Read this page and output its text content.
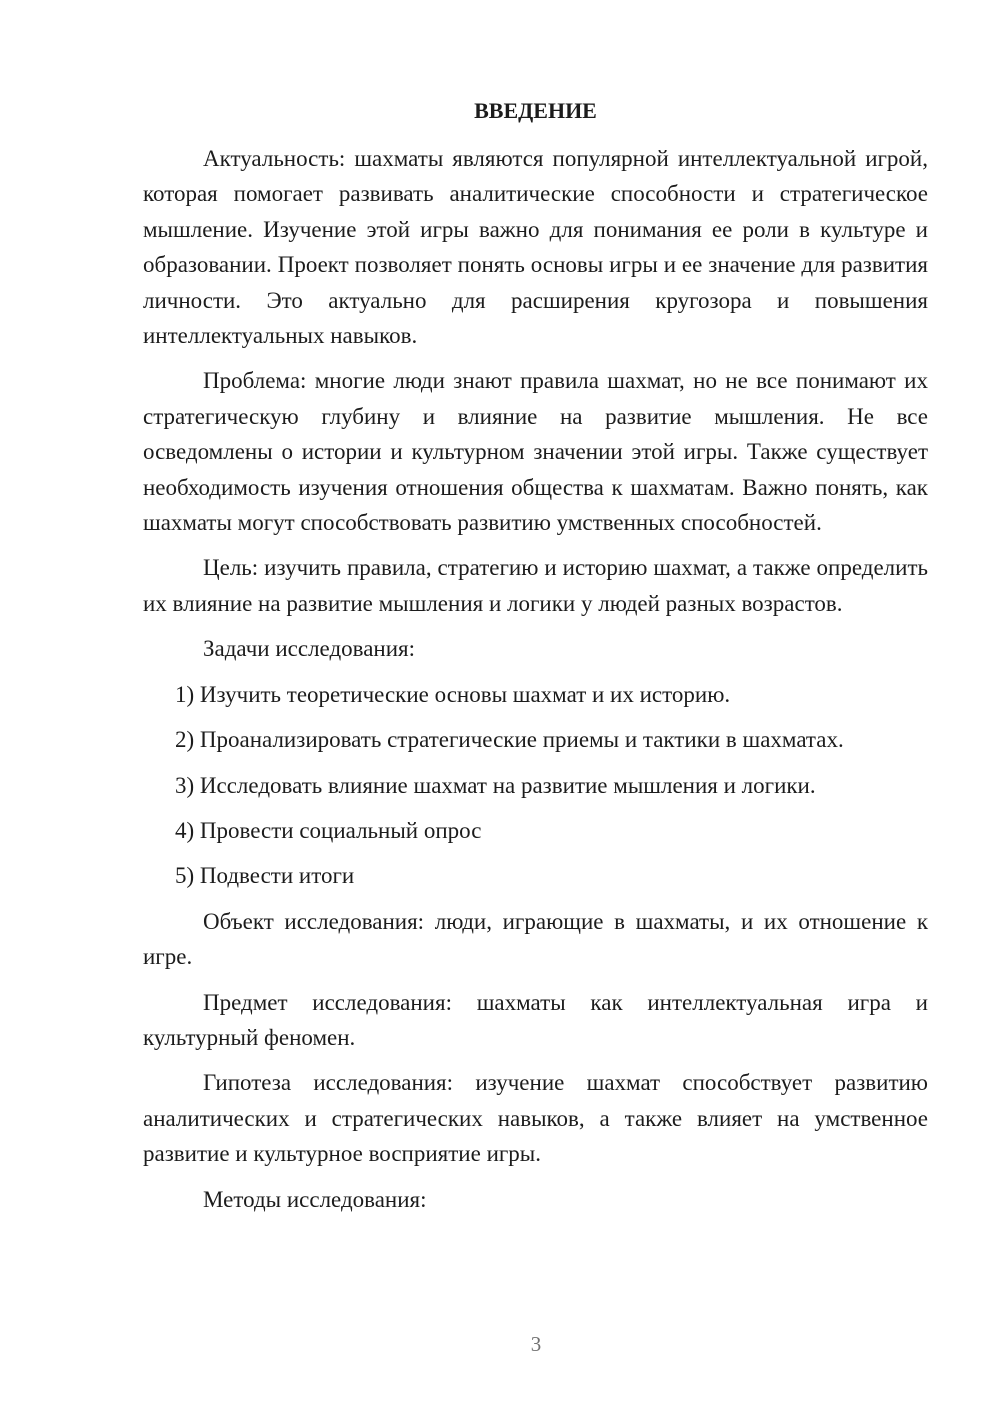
ВВЕДЕНИЕ

Актуальность: шахматы являются популярной интеллектуальной игрой, которая помогает развивать аналитические способности и стратегическое мышление. Изучение этой игры важно для понимания ее роли в культуре и образовании. Проект позволяет понять основы игры и ее значение для развития личности. Это актуально для расширения кругозора и повышения интеллектуальных навыков.

Проблема: многие люди знают правила шахмат, но не все понимают их стратегическую глубину и влияние на развитие мышления. Не все осведомлены о истории и культурном значении этой игры. Также существует необходимость изучения отношения общества к шахматам. Важно понять, как шахматы могут способствовать развитию умственных способностей.

Цель: изучить правила, стратегию и историю шахмат, а также определить их влияние на развитие мышления и логики у людей разных возрастов.

Задачи исследования:

1) Изучить теоретические основы шахмат и их историю.
2) Проанализировать стратегические приемы и тактики в шахматах.
3) Исследовать влияние шахмат на развитие мышления и логики.
4) Провести социальный опрос
5) Подвести итоги

Объект исследования: люди, играющие в шахматы, и их отношение к игре.

Предмет исследования: шахматы как интеллектуальная игра и культурный феномен.

Гипотеза исследования: изучение шахмат способствует развитию аналитических и стратегических навыков, а также влияет на умственное развитие и культурное восприятие игры.

Методы исследования:

3
